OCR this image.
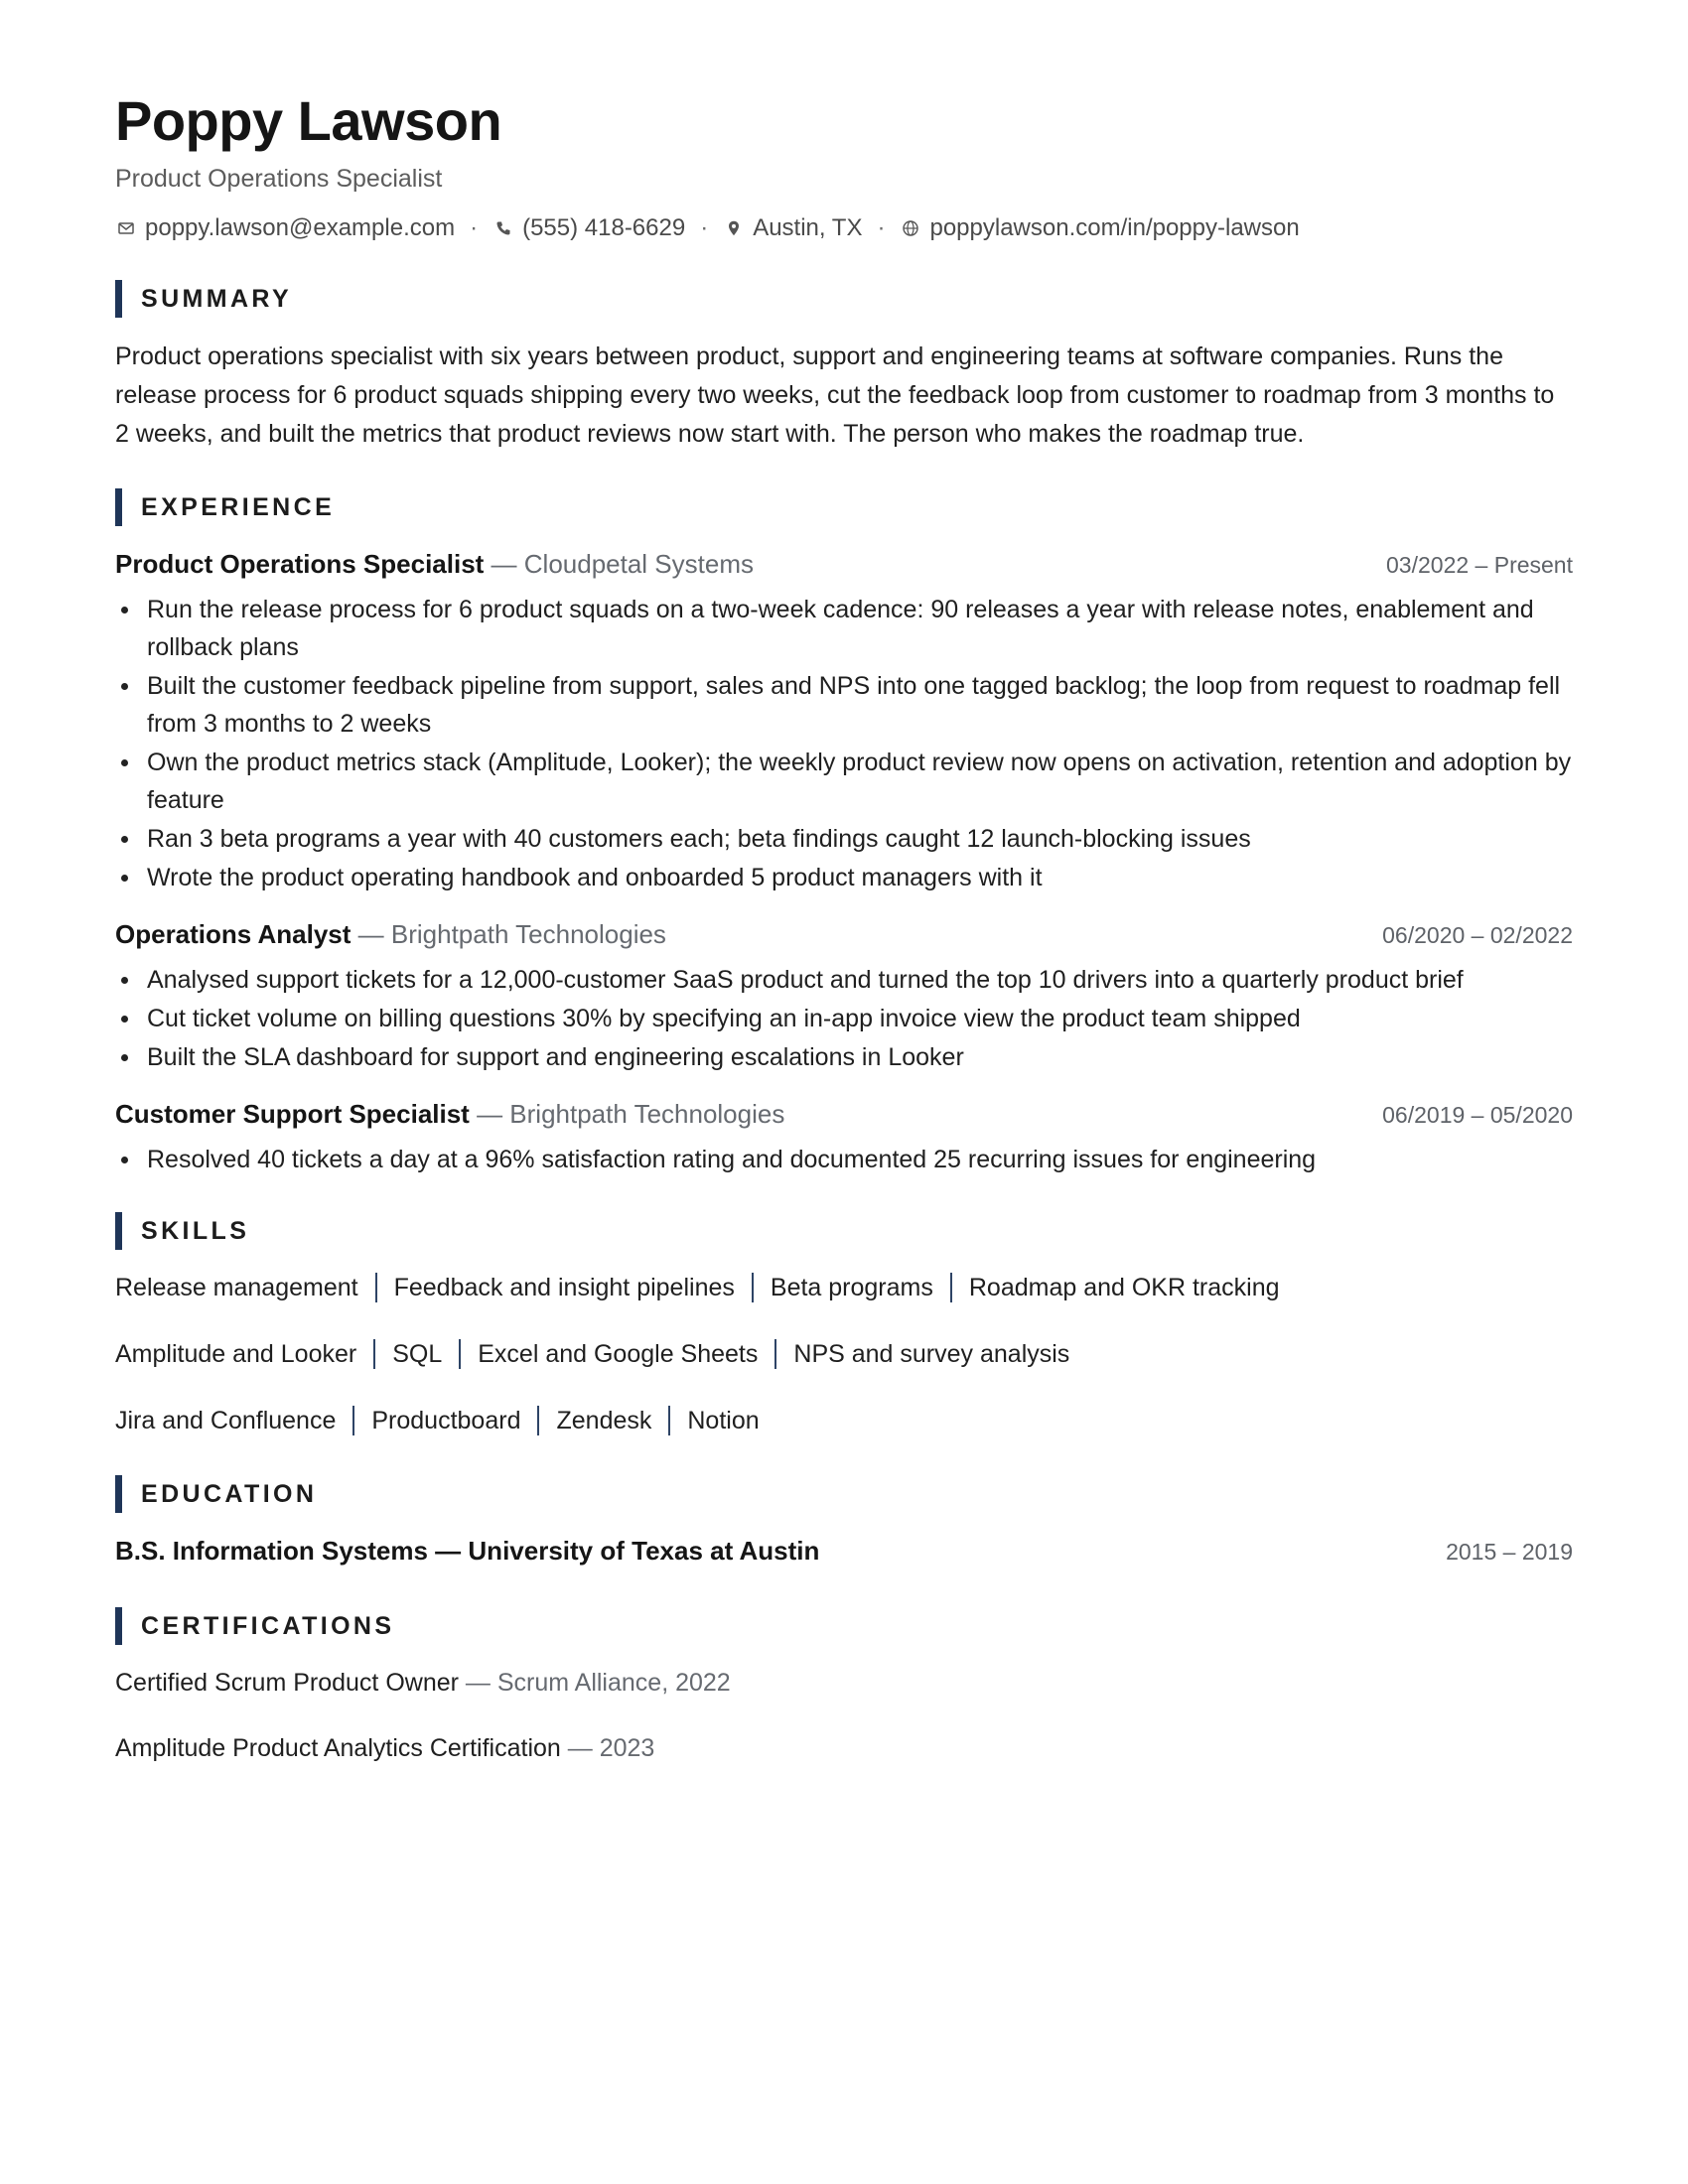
Poppy Lawson
Product Operations Specialist
poppy.lawson@example.com · (555) 418-6629 · Austin, TX · poppylawson.com/in/poppy-lawson
SUMMARY

Product operations specialist with six years between product, support and engineering teams at software companies. Runs the release process for 6 product squads shipping every two weeks, cut the feedback loop from customer to roadmap from 3 months to 2 weeks, and built the metrics that product reviews now start with. The person who makes the roadmap true.

EXPERIENCE
Product Operations Specialist — Cloudpetal Systems	03/2022 – Present
Run the release process for 6 product squads on a two-week cadence: 90 releases a year with release notes, enablement and rollback plans
Built the customer feedback pipeline from support, sales and NPS into one tagged backlog; the loop from request to roadmap fell from 3 months to 2 weeks
Own the product metrics stack (Amplitude, Looker); the weekly product review now opens on activation, retention and adoption by feature
Ran 3 beta programs a year with 40 customers each; beta findings caught 12 launch-blocking issues
Wrote the product operating handbook and onboarded 5 product managers with it
Operations Analyst — Brightpath Technologies	06/2020 – 02/2022
Analysed support tickets for a 12,000-customer SaaS product and turned the top 10 drivers into a quarterly product brief
Cut ticket volume on billing questions 30% by specifying an in-app invoice view the product team shipped
Built the SLA dashboard for support and engineering escalations in Looker
Customer Support Specialist — Brightpath Technologies	06/2019 – 05/2020
Resolved 40 tickets a day at a 96% satisfaction rating and documented 25 recurring issues for engineering
SKILLS
Release management Feedback and insight pipelines Beta programs Roadmap and OKR tracking
Amplitude and Looker SQL Excel and Google Sheets NPS and survey analysis
Jira and Confluence Productboard Zendesk Notion
EDUCATION
B.S. Information Systems — University of Texas at Austin	2015 – 2019
CERTIFICATIONS
Certified Scrum Product Owner — Scrum Alliance, 2022
Amplitude Product Analytics Certification — 2023
